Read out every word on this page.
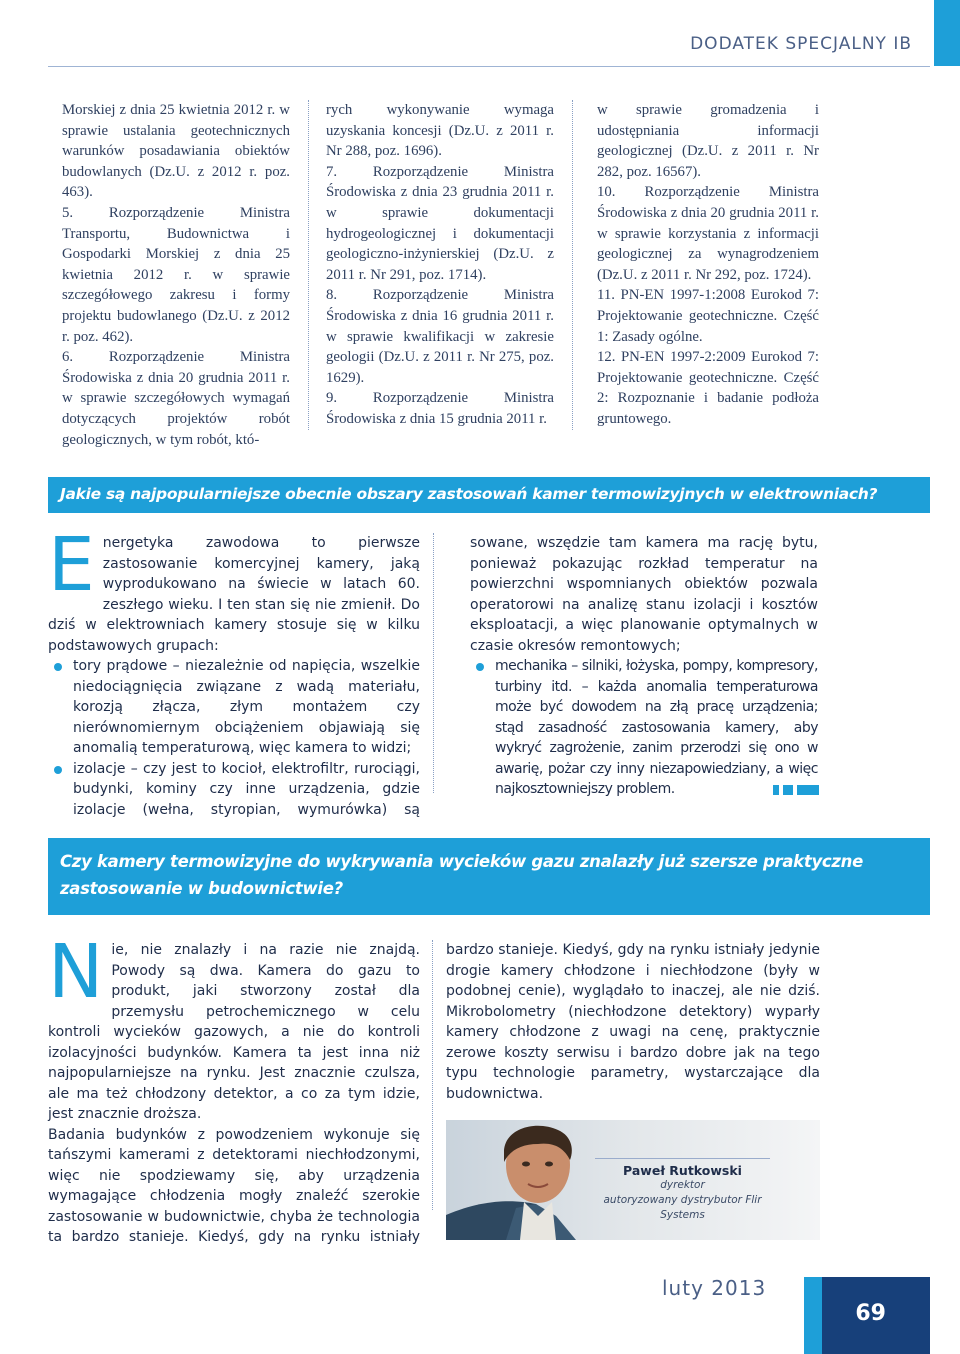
DODATEK SPECJALNY IB
Morskiej z dnia 25 kwietnia 2012 r. w sprawie ustalania geotechnicznych warunków posadawiania obiektów budowlanych (Dz.U. z 2012 r. poz. 463).
5. Rozporządzenie Ministra Transportu, Budownictwa i Gospodarki Morskiej z dnia 25 kwietnia 2012 r. w sprawie szczegółowego zakresu i formy projektu budowlanego (Dz.U. z 2012 r. poz. 462).
6. Rozporządzenie Ministra Środowiska z dnia 20 grudnia 2011 r. w sprawie szczegółowych wymagań dotyczących projektów robót geologicznych, w tym robót, któ-
rych wykonywanie wymaga uzyskania koncesji (Dz.U. z 2011 r. Nr 288, poz. 1696).
7. Rozporządzenie Ministra Środowiska z dnia 23 grudnia 2011 r. w sprawie dokumentacji hydrogeologicznej i dokumentacji geologiczno-inżynierskiej (Dz.U. z 2011 r. Nr 291, poz. 1714).
8. Rozporządzenie Ministra Środowiska z dnia 16 grudnia 2011 r. w sprawie kwalifikacji w zakresie geologii (Dz.U. z 2011 r. Nr 275, poz. 1629).
9. Rozporządzenie Ministra Środowiska z dnia 15 grudnia 2011 r.
w sprawie gromadzenia i udostępniania informacji geologicznej (Dz.U. z 2011 r. Nr 282, poz. 16567).
10. Rozporządzenie Ministra Środowiska z dnia 20 grudnia 2011 r. w sprawie korzystania z informacji geologicznej za wynagrodzeniem (Dz.U. z 2011 r. Nr 292, poz. 1724).
11. PN-EN 1997-1:2008 Eurokod 7: Projektowanie geotechniczne. Część 1: Zasady ogólne.
12. PN-EN 1997-2:2009 Eurokod 7: Projektowanie geotechniczne. Część 2: Rozpoznanie i badanie podłoża gruntowego.
Jakie są najpopularniejsze obecnie obszary zastosowań kamer termowizyjnych w elektrowniach?
E nergetyka zawodowa to pierwsze zastosowanie komercyjnej kamery, jaką wyprodukowano na świecie w latach 60. zeszłego wieku. I ten stan się nie zmienił. Do dziś w elektrowniach kamery stosuje się w kilku podstawowych grupach:
tory prądowe – niezależnie od napięcia, wszelkie niedociągnięcia związane z wadą materiału, korozją złącza, złym montażem czy nierównomiernym obciążeniem objawiają się anomalią temperaturową, więc kamera to widzi;
izolacje – czy jest to kocioł, elektrofiltr, rurociągi, budynki, kominy czy inne urządzenia, gdzie izolacje (wełna, styropian, wymurówka) są
sowane, wszędzie tam kamera ma rację bytu, ponieważ pokazując rozkład temperatur na powierzchni wspomnianych obiektów pozwala operatorowi na analizę stanu izolacji i kosztów eksploatacji, a więc planowanie optymalnych w czasie okresów remontowych;
mechanika – silniki, łożyska, pompy, kompresory, turbiny itd. – każda anomalia temperaturowa może być dowodem na złą pracę urządzenia; stąd zasadność zastosowania kamery, aby wykryć zagrożenie, zanim przerodzi się ono w awarię, pożar czy inny niezapowiedziany, a więc najkosztowniejszy problem.
Czy kamery termowizyjne do wykrywania wycieków gazu znalazły już szersze praktyczne zastosowanie w budownictwie?
N ie, nie znalazły i na razie nie znajdą. Powody są dwa. Kamera do gazu to produkt, jaki stworzony został dla przemysłu petrochemicznego w celu kontroli wycieków gazowych, a nie do kontroli izolacyjności budynków. Kamera ta jest inna niż najpopularniejsze na rynku. Jest znacznie czulsza, ale ma też chłodzony detektor, a co za tym idzie, jest znacznie droższa.
Badania budynków z powodzeniem wykonuje się tańszymi kamerami z detektorami niechłodzonymi, więc nie spodziewamy się, aby urządzenia wymagające chłodzenia mogły znaleźć szerokie zastosowanie w budownictwie, chyba że technologia ta bardzo stanieje. Kiedyś, gdy na rynku istniały
bardzo stanieje. Kiedyś, gdy na rynku istniały jedynie drogie kamery chłodzone i niechłodzone (były w podobnej cenie), wyglądało to inaczej, ale nie dziś. Mikrobolometry (niechłodzone detektory) wyparły kamery chłodzone z uwagi na cenę, praktycznie zerowe koszty serwisu i bardzo dobre jak na tego typu technologie parametry, wystarczające dla budownictwa.
Paweł Rutkowski
dyrektor
autoryzowany dystrybutor Flir Systems
luty 2013
69
